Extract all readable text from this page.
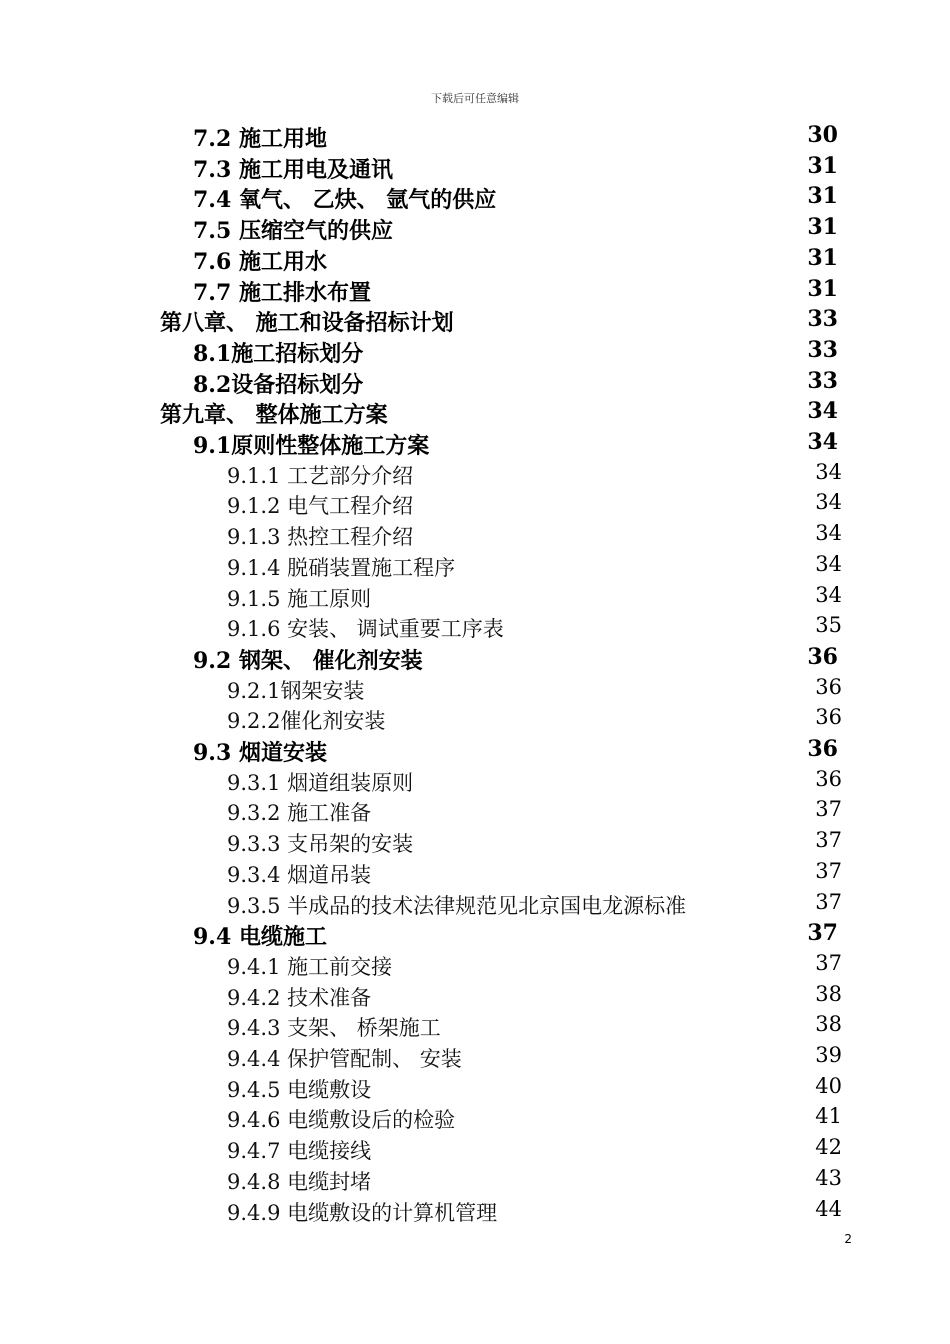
下载后可任意编辑
7.2 施工用地	30
7.3 施工用电及通讯	31
7.4 氧气、 乙炔、 氩气的供应	31
7.5 压缩空气的供应	31
7.6 施工用水	31
7.7 施工排水布置	31
第八章、 施工和设备招标计划	33
8.1施工招标划分	33
8.2设备招标划分	33
第九章、 整体施工方案	34
9.1原则性整体施工方案	34
9.1.1 工艺部分介绍	34
9.1.2 电气工程介绍	34
9.1.3 热控工程介绍	34
9.1.4 脱硝装置施工程序	34
9.1.5 施工原则	34
9.1.6 安装、 调试重要工序表	35
9.2 钢架、 催化剂安装	36
9.2.1钢架安装	36
9.2.2催化剂安装	36
9.3 烟道安装	36
9.3.1 烟道组装原则	36
9.3.2 施工准备	37
9.3.3 支吊架的安装	37
9.3.4 烟道吊装	37
9.3.5 半成品的技术法律规范见北京国电龙源标准	37
9.4 电缆施工	37
9.4.1 施工前交接	37
9.4.2 技术准备	38
9.4.3 支架、 桥架施工	38
9.4.4 保护管配制、 安装	39
9.4.5 电缆敷设	40
9.4.6 电缆敷设后的检验	41
9.4.7 电缆接线	42
9.4.8 电缆封堵	43
9.4.9 电缆敷设的计算机管理	44
2
